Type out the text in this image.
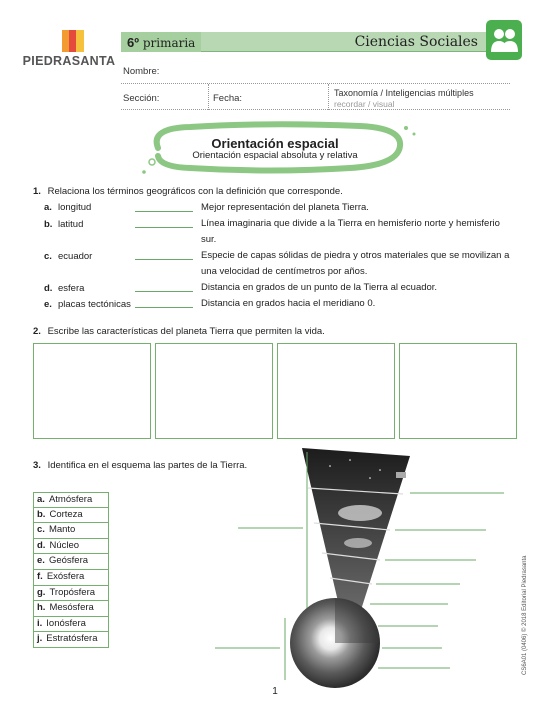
PIEDRASANTA
6º primaria	Ciencias Sociales
Nombre:
Sección:	Fecha:	Taxonomía / Inteligencias múltiples
recordar / visual
Orientación espacial
Orientación espacial absoluta y relativa
1. Relaciona los términos geográficos con la definición que corresponde.
a. longitud	Mejor representación del planeta Tierra.
b. latitud	Línea imaginaria que divide a la Tierra en hemisferio norte y hemisferio sur.
c. ecuador	Especie de capas sólidas de piedra y otros materiales que se movilizan a una velocidad de centímetros por años.
d. esfera	Distancia en grados de un punto de la Tierra al ecuador.
e. placas tectónicas	Distancia en grados hacia el meridiano 0.
2. Escribe las características del planeta Tierra que permiten la vida.
3. Identifica en el esquema las partes de la Tierra.
a. Atmósfera
b. Corteza
c. Manto
d. Núcleo
e. Geósfera
f. Exósfera
g. Tropósfera
h. Mesósfera
i. Ionósfera
j. Estratósfera	CS6A01 (0406) © 2018 Editorial Piedrasanta
1
